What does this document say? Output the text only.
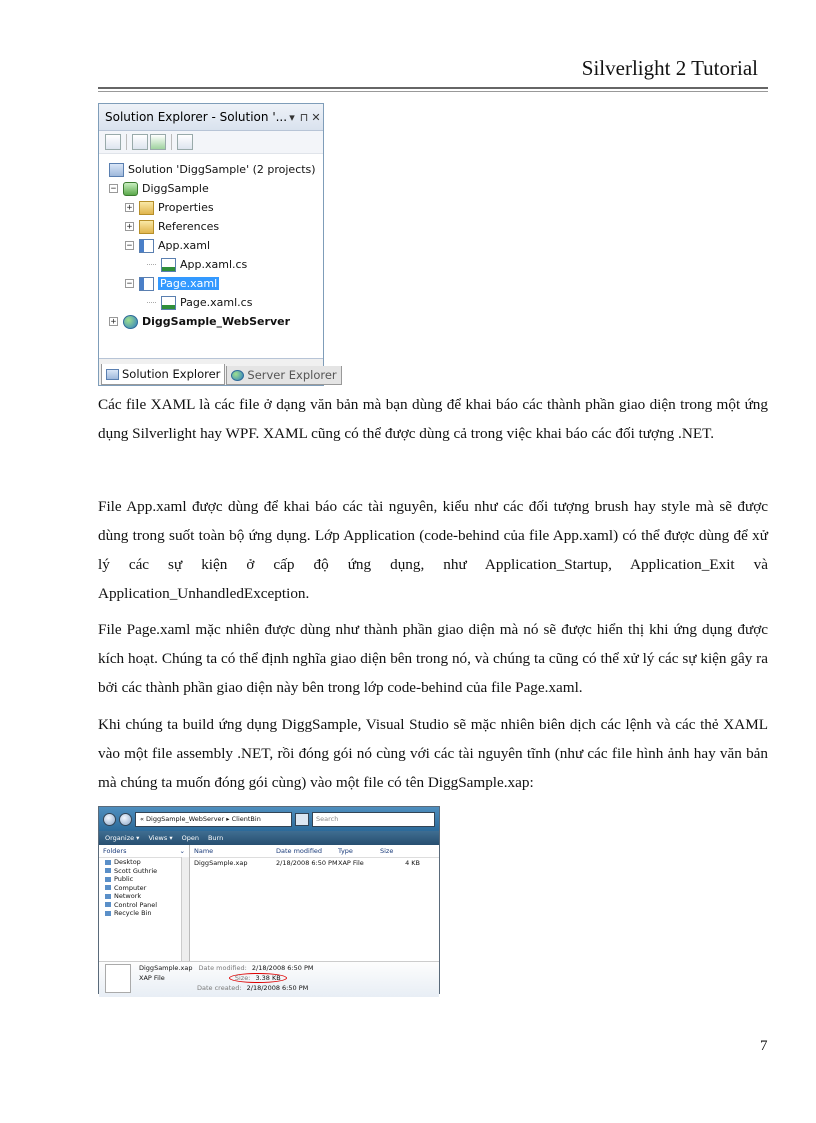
Silverlight 2 Tutorial
Solution Explorer - Solution '... ▾ ⊓ ✕
Solution 'DiggSample' (2 projects)
− DiggSample
+ Properties
+ References
− App.xaml
App.xaml.cs
−	Page.xaml
Page.xaml.cs
+ DiggSample_WebServer
Solution Explorer Server Explorer

Các file XAML là các file ở dạng văn bản mà bạn dùng để khai báo các thành phần giao diện trong một ứng dụng Silverlight hay WPF. XAML cũng có thể được dùng cả trong việc khai báo các đối tượng .NET.

File App.xaml được dùng để khai báo các tài nguyên, kiểu như các đối tượng brush hay style mà sẽ được dùng trong suốt toàn bộ ứng dụng. Lớp Application (code-behind của file App.xaml) có thể được dùng để xử lý các sự kiện ở cấp độ ứng dụng, như Application_Startup, Application_Exit và Application_UnhandledException.

File Page.xaml mặc nhiên được dùng như thành phần giao diện mà nó sẽ được hiển thị khi ứng dụng được kích hoạt. Chúng ta có thể định nghĩa giao diện bên trong nó, và chúng ta cũng có thể xử lý các sự kiện gây ra bởi các thành phần giao diện này bên trong lớp code-behind của file Page.xaml.

Khi chúng ta build ứng dụng DiggSample, Visual Studio sẽ mặc nhiên biên dịch các lệnh và các thẻ XAML vào một file assembly .NET, rồi đóng gói nó cùng với các tài nguyên tĩnh (như các file hình ảnh hay văn bản mà chúng ta muốn đóng gói cùng) vào một file có tên DiggSample.xap:

« DiggSample_WebServer ▸ ClientBin	Search
Organize ▾ Views ▾ Open Burn
Folders	⌄
Desktop
Scott Guthrie
Public
Computer
Network
Control Panel
Recycle Bin
Name	Date modified	Type	Size
DiggSample.xap	2/18/2008 6:50 PM XAP File	4 KB
DiggSample.xap Date modified: 2/18/2008 6:50 PM
XAP File	Size: 3.38 KB
Date created: 2/18/2008 6:50 PM
7
